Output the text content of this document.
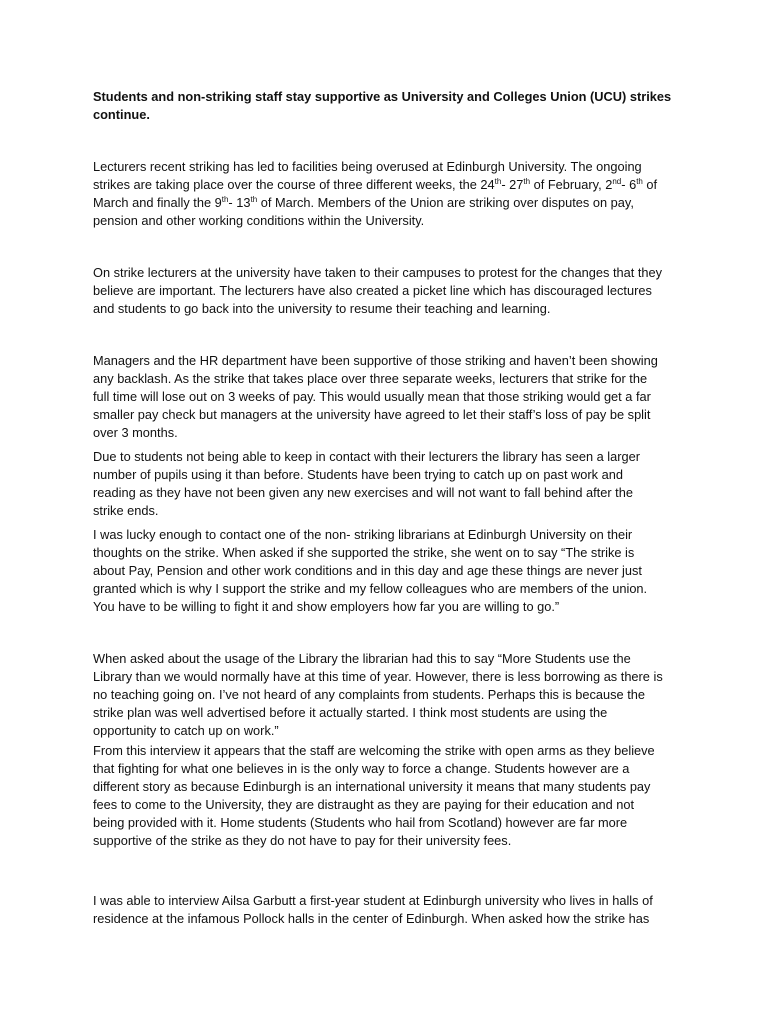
Students and non-striking staff stay supportive as University and Colleges Union (UCU) strikes
continue.
Lecturers recent striking has led to facilities being overused at Edinburgh University. The ongoing
strikes are taking place over the course of three different weeks, the 24th- 27th of February, 2nd- 6th of
March and finally the 9th- 13th of March. Members of the Union are striking over disputes on pay,
pension and other working conditions within the University.
On strike lecturers at the university have taken to their campuses to protest for the changes that they
believe are important. The lecturers have also created a picket line which has discouraged lectures
and students to go back into the university to resume their teaching and learning.
Managers and the HR department have been supportive of those striking and haven’t been showing
any backlash. As the strike that takes place over three separate weeks, lecturers that strike for the
full time will lose out on 3 weeks of pay. This would usually mean that those striking would get a far
smaller pay check but managers at the university have agreed to let their staff’s loss of pay be split
over 3 months.
Due to students not being able to keep in contact with their lecturers the library has seen a larger
number of pupils using it than before. Students have been trying to catch up on past work and
reading as they have not been given any new exercises and will not want to fall behind after the
strike ends.
I was lucky enough to contact one of the non- striking librarians at Edinburgh University on their
thoughts on the strike. When asked if she supported the strike, she went on to say “The strike is
about Pay, Pension and other work conditions and in this day and age these things are never just
granted which is why I support the strike and my fellow colleagues who are members of the union.
You have to be willing to fight it and show employers how far you are willing to go.”
When asked about the usage of the Library the librarian had this to say “More Students use the
Library than we would normally have at this time of year. However, there is less borrowing as there is
no teaching going on. I’ve not heard of any complaints from students. Perhaps this is because the
strike plan was well advertised before it actually started. I think most students are using the
opportunity to catch up on work.”
From this interview it appears that the staff are welcoming the strike with open arms as they believe
that fighting for what one believes in is the only way to force a change. Students however are a
different story as because Edinburgh is an international university it means that many students pay
fees to come to the University, they are distraught as they are paying for their education and not
being provided with it. Home students (Students who hail from Scotland) however are far more
supportive of the strike as they do not have to pay for their university fees.
I was able to interview Ailsa Garbutt a first-year student at Edinburgh university who lives in halls of
residence at the infamous Pollock halls in the center of Edinburgh. When asked how the strike has
